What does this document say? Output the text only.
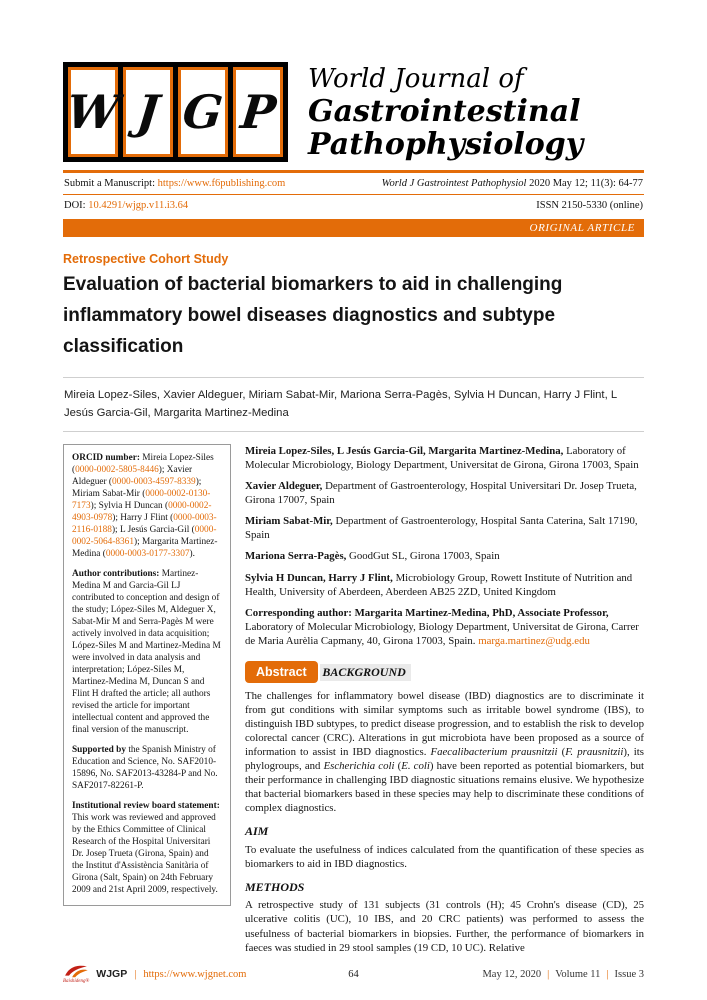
W J G P
World Journal of
Gastrointestinal
Pathophysiology
Submit a Manuscript: https://www.f6publishing.com	World J Gastrointest Pathophysiol 2020 May 12; 11(3): 64-77
DOI: 10.4291/wjgp.v11.i3.64	ISSN 2150-5330 (online)
ORIGINAL ARTICLE
Retrospective Cohort Study
Evaluation of bacterial biomarkers to aid in challenging inflammatory bowel diseases diagnostics and subtype classification
Mireia Lopez-Siles, Xavier Aldeguer, Miriam Sabat-Mir, Mariona Serra-Pagès, Sylvia H Duncan, Harry J Flint, L Jesús Garcia-Gil, Margarita Martinez-Medina

ORCID number: Mireia Lopez-Siles (0000-0002-5805-8446); Xavier Aldeguer (0000-0003-4597-8339); Miriam Sabat-Mir (0000-0002-0130-7173); Sylvia H Duncan (0000-0002-4903-0978); Harry J Flint (0000-0003-2116-0188); L Jesús Garcia-Gil (0000-0002-5064-8361); Margarita Martinez-Medina (0000-0003-0177-3307).

Author contributions: Martinez-Medina M and Garcia-Gil LJ contributed to conception and design of the study; López-Siles M, Aldeguer X, Sabat-Mir M and Serra-Pagès M were actively involved in data acquisition; López-Siles M and Martinez-Medina M were involved in data analysis and interpretation; López-Siles M, Martinez-Medina M, Duncan S and Flint H drafted the article; all authors revised the article for important intellectual content and approved the final version of the manuscript.

Supported by the Spanish Ministry of Education and Science, No. SAF2010-15896, No. SAF2013-43284-P and No. SAF2017-82261-P.

Institutional review board statement: This work was reviewed and approved by the Ethics Committee of Clinical Research of the Hospital Universitari Dr. Josep Trueta (Girona, Spain) and the Institut d'Assistència Sanitària of Girona (Salt, Spain) on 24th February 2009 and 21st April 2009, respectively.

Mireia Lopez-Siles, L Jesús Garcia-Gil, Margarita Martinez-Medina, Laboratory of Molecular Microbiology, Biology Department, Universitat de Girona, Girona 17003, Spain

Xavier Aldeguer, Department of Gastroenterology, Hospital Universitari Dr. Josep Trueta, Girona 17007, Spain

Miriam Sabat-Mir, Department of Gastroenterology, Hospital Santa Caterina, Salt 17190, Spain

Mariona Serra-Pagès, GoodGut SL, Girona 17003, Spain

Sylvia H Duncan, Harry J Flint, Microbiology Group, Rowett Institute of Nutrition and Health, University of Aberdeen, Aberdeen AB25 2ZD, United Kingdom

Corresponding author: Margarita Martinez-Medina, PhD, Associate Professor, Laboratory of Molecular Microbiology, Biology Department, Universitat de Girona, Carrer de Maria Aurèlia Capmany, 40, Girona 17003, Spain. marga.martinez@udg.edu

Abstract BACKGROUND

The challenges for inflammatory bowel disease (IBD) diagnostics are to discriminate it from gut conditions with similar symptoms such as irritable bowel syndrome (IBS), to distinguish IBD subtypes, to predict disease progression, and to establish the risk to develop colorectal cancer (CRC). Alterations in gut microbiota have been proposed as a source of information to assist in IBD diagnostics. Faecalibacterium prausnitzii (F. prausnitzii), its phylogroups, and Escherichia coli (E. coli) have been reported as potential biomarkers, but their performance in challenging IBD diagnostic situations remains elusive. We hypothesize that bacterial biomarkers based in these species may help to discriminate these conditions of complex diagnostics.

AIM

To evaluate the usefulness of indices calculated from the quantification of these species as biomarkers to aid in IBD diagnostics.

METHODS

A retrospective study of 131 subjects (31 controls (H); 45 Crohn's disease (CD), 25 ulcerative colitis (UC), 10 IBS, and 20 CRC patients) was performed to assess the usefulness of bacterial biomarkers in biopsies. Further, the performance of biomarkers in faeces was studied in 29 stool samples (19 CD, 10 UC). Relative

Baishideng®
WJGP | https://www.wjgnet.com	64	May 12, 2020 | Volume 11 | Issue 3
